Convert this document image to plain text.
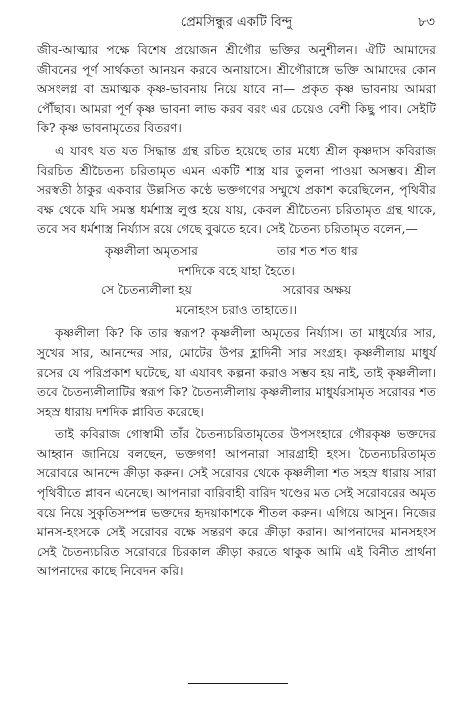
প্রেমসিন্ধুর একটি বিন্দু	৮৩

জীব-আত্মার পক্ষে বিশেষ প্রয়োজন শ্রীগৌর ভক্তির অনুশীলন। ঐটি আমাদের জীবনের পূর্ণ সার্থকতা আনয়ন করবে অনায়াসে। শ্রীগৌরাঙ্গে ভক্তি আমাদের কোন অসংলগ্ন বা ভ্রমাত্মক কৃষ্ণ-ভাবনায় নিয়ে যাবে না— প্রকৃত কৃষ্ণ ভাবনায় আমরা পৌঁছাব। আমরা পূর্ণ কৃষ্ণ ভাবনা লাভ করব বরং এর চেয়েও বেশী কিছু পাব। সেইটি কি? কৃষ্ণ ভাবনামৃতের বিতরণ।

এ যাবৎ যত যত সিদ্ধান্ত গ্রন্থ রচিত হয়েছে তার মধ্যে শ্রীল কৃষ্ণদাস কবিরাজ বিরচিত শ্রীচৈতন্য চরিতামৃত এমন একটি শাস্ত্র যার তুলনা পাওয়া অসম্ভব। শ্রীল সরস্বতী ঠাকুর একবার উল্লসিত কণ্ঠে ভক্তগণের সম্মুখে প্রকাশ করেছিলেন, পৃথিবীর বক্ষ থেকে যদি সমস্ত ধর্মশাস্ত্র লুপ্ত হয়ে যায়, কেবল শ্রীচৈতন্য চরিতামৃত গ্রন্থ থাকে, তবে সব ধর্মশাস্ত্র নির্য্যাস রয়ে গেছে বুঝতে হবে। সেই চৈতন্য চরিতামৃত বলেন,—

কৃষ্ণলীলা অমৃতসার	তার শত শত ধার
দশদিকে বহে যাহা হৈতে।
সে চৈতন্যলীলা হয়	সরোবর অক্ষয়
মনোহংস চরাও তাহাতে।।

কৃষ্ণলীলা কি? কি তার স্বরূপ? কৃষ্ণলীলা অমৃতের নির্য্যাস। তা মাধুর্য্যের সার, সুখের সার, আনন্দের সার, মোটের উপর হ্লাদিনী সার সংগ্রহ। কৃষ্ণলীলায় মাধুর্য রসের যে পরিপ্রকাশ ঘটেছে, যা এযাবৎ কল্পনা করাও সম্ভব হয় নাই, তাই কৃষ্ণলীলা। তবে চৈতন্যলীলাটির স্বরূপ কি? চৈতন্যলীলায় কৃষ্ণলীলার মাধুর্যরসামৃত সরোবর শত সহস্র ধারায় দশদিক প্লাবিত করেছে।

তাই কবিরাজ গোস্বামী তাঁর চৈতন্যচরিতামৃতের উপসংহারে গৌরকৃষ্ণ ভক্তদের আহ্বান জানিয়ে বলছেন, ভক্তগণ! আপনারা সারগ্রাহী হংস। চৈতন্যচরিতামৃত সরোবরে আনন্দে ক্রীড়া করুন। সেই সরোবর থেকে কৃষ্ণলীলা শত সহস্র ধারায় সারা পৃথিবীতে প্লাবন এনেছে। আপনারা বারিবাহী বারিদ খণ্ডের মত সেই সরোবরের অমৃত বয়ে নিয়ে সুকৃতিসম্পন্ন ভক্তদের হৃদয়াকাশকে শীতল করুন। এগিয়ে আসুন। নিজের মানস-হংসকে সেই সরোবর বক্ষে সন্তরণ করে ক্রীড়া করান। আপনাদের মানসহংস সেই চৈতন্যচরিত সরোবরে চিরকাল ক্রীড়া করতে থাকুক আমি এই বিনীত প্রার্থনা আপনাদের কাছে নিবেদন করি।
